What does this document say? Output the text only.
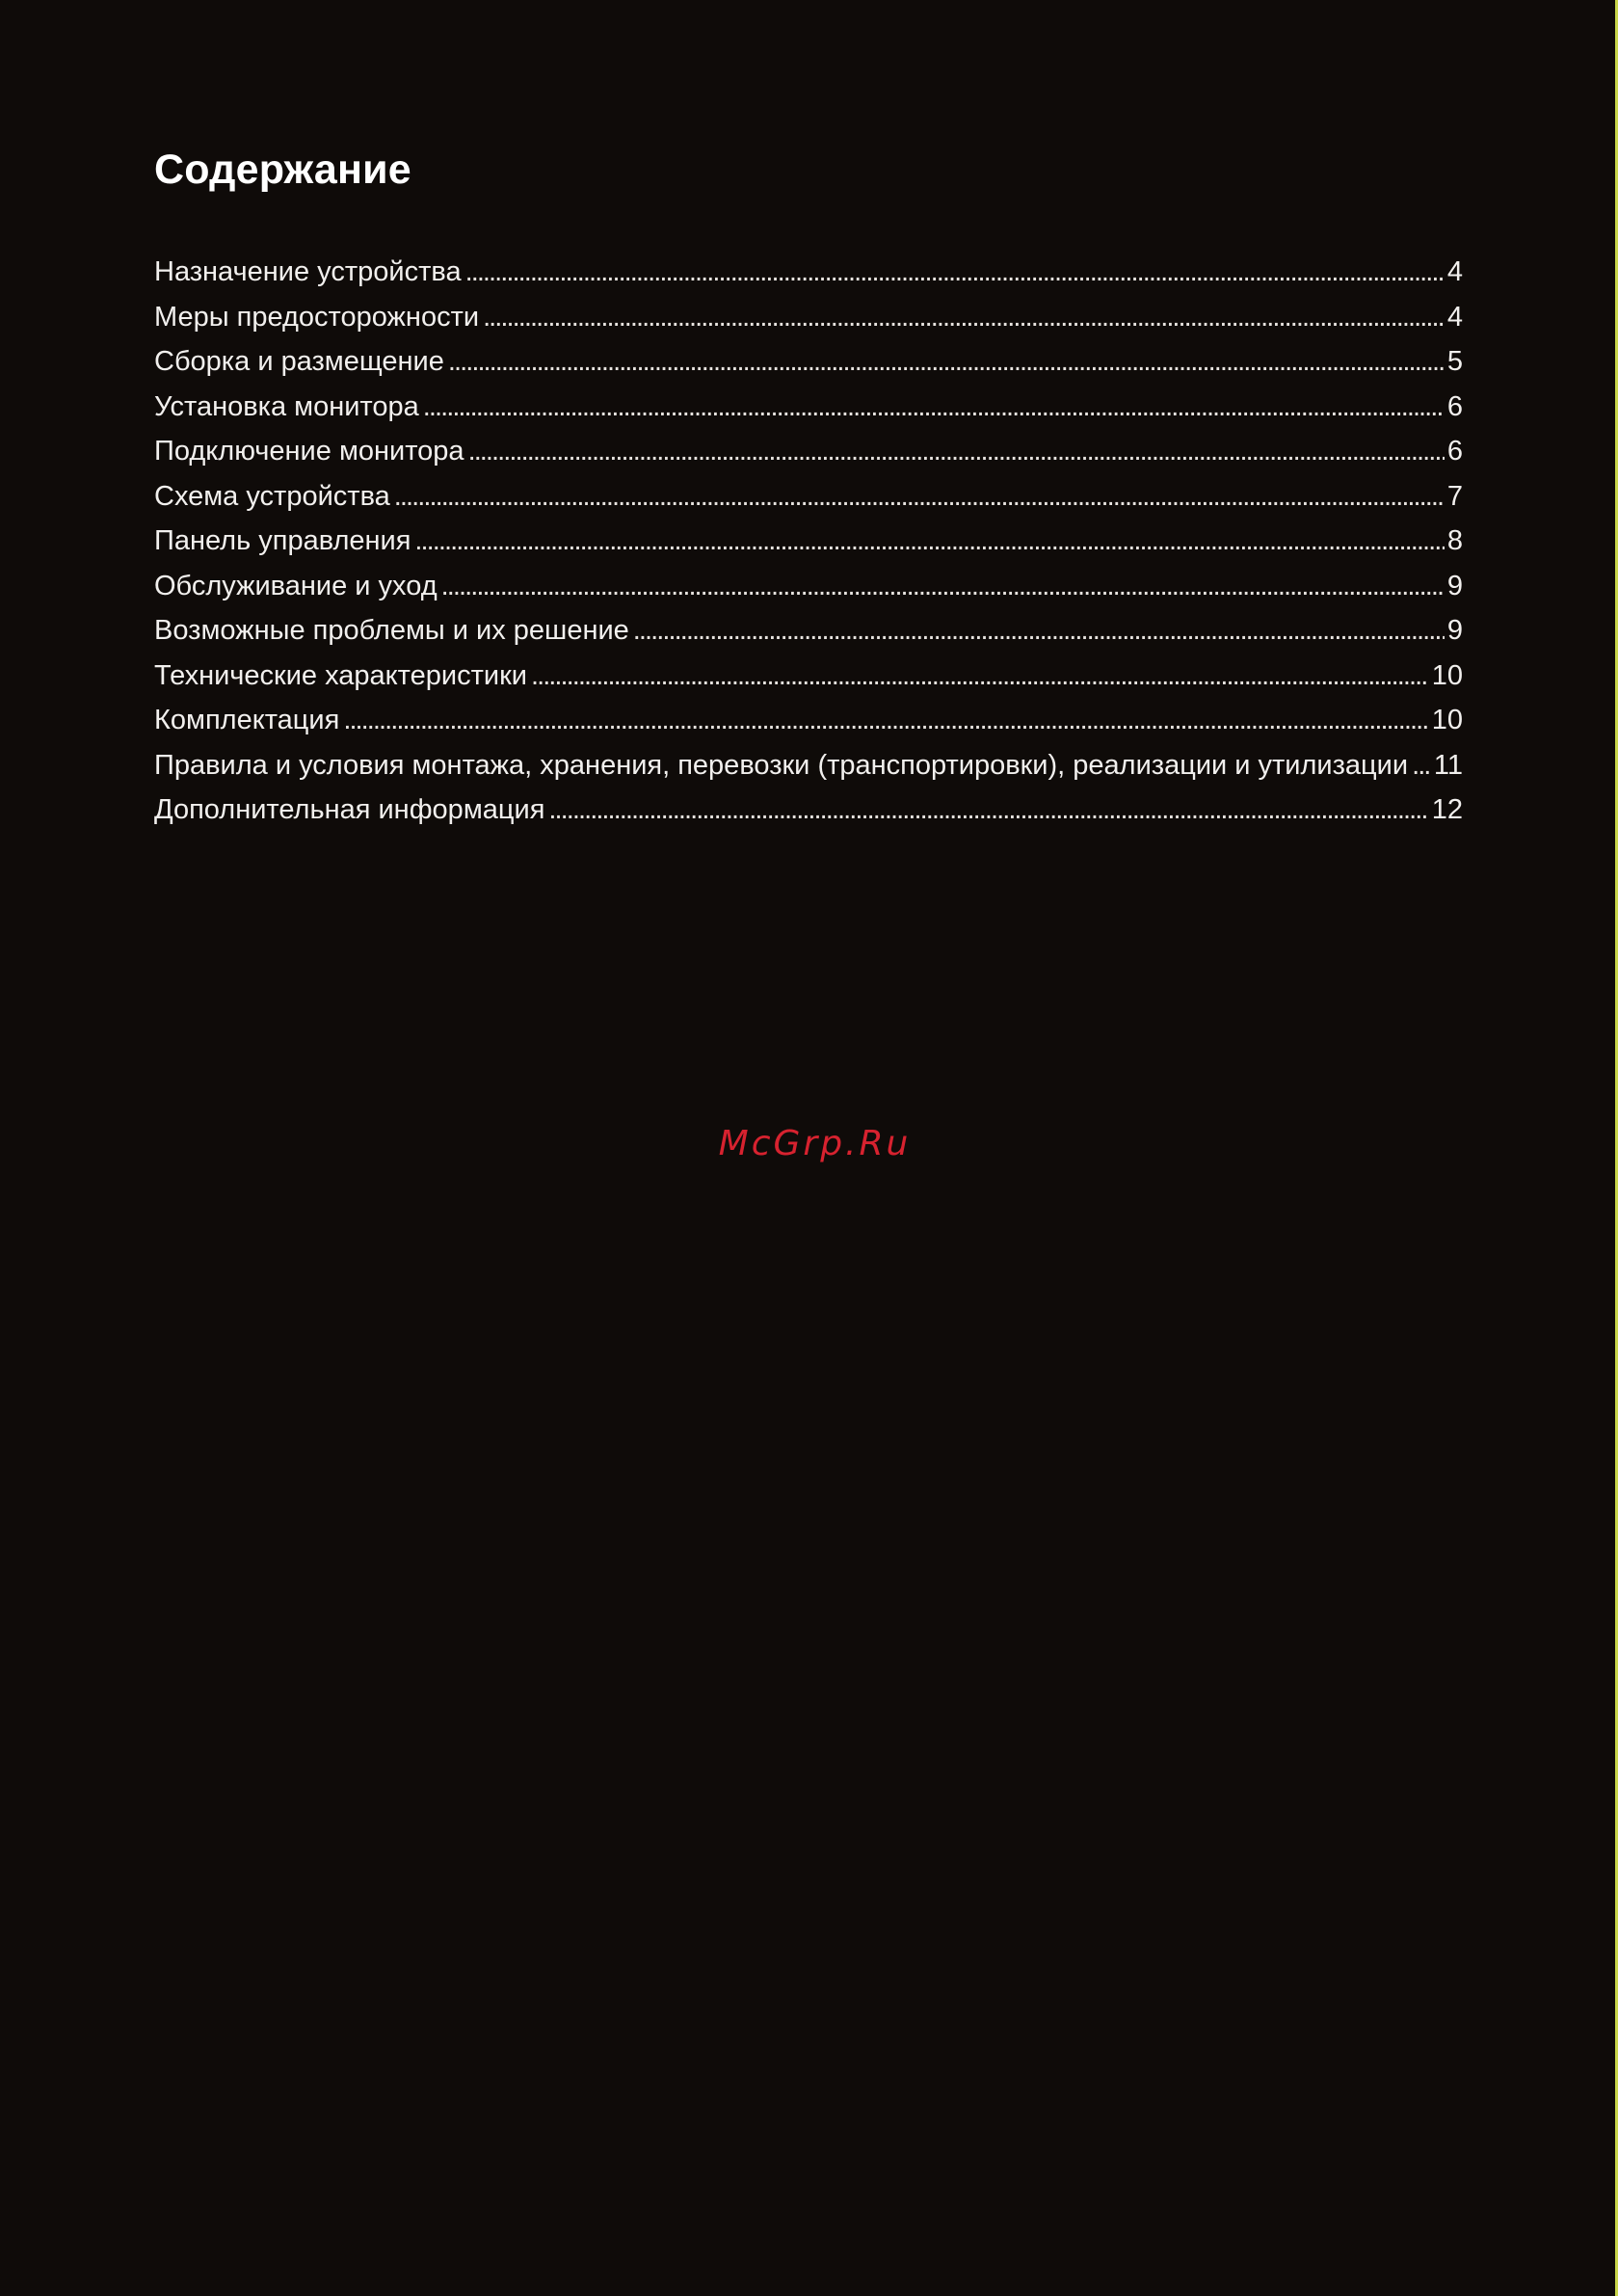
Содержание
Назначение устройства . . .	4
Меры предосторожности . . .	4
Сборка и размещение . . .	5
Установка монитора . . .	6
Подключение монитора . . .	6
Схема устройства . . .	7
Панель управления . . .	8
Обслуживание и уход . . .	9
Возможные проблемы и их решение . . .	9
Технические характеристики . . .	10
Комплектация . . .	10
Правила и условия монтажа, хранения, перевозки (транспортировки), реализации и утилизации . . . 11
Дополнительная информация . . .	12

McGrp.Ru
